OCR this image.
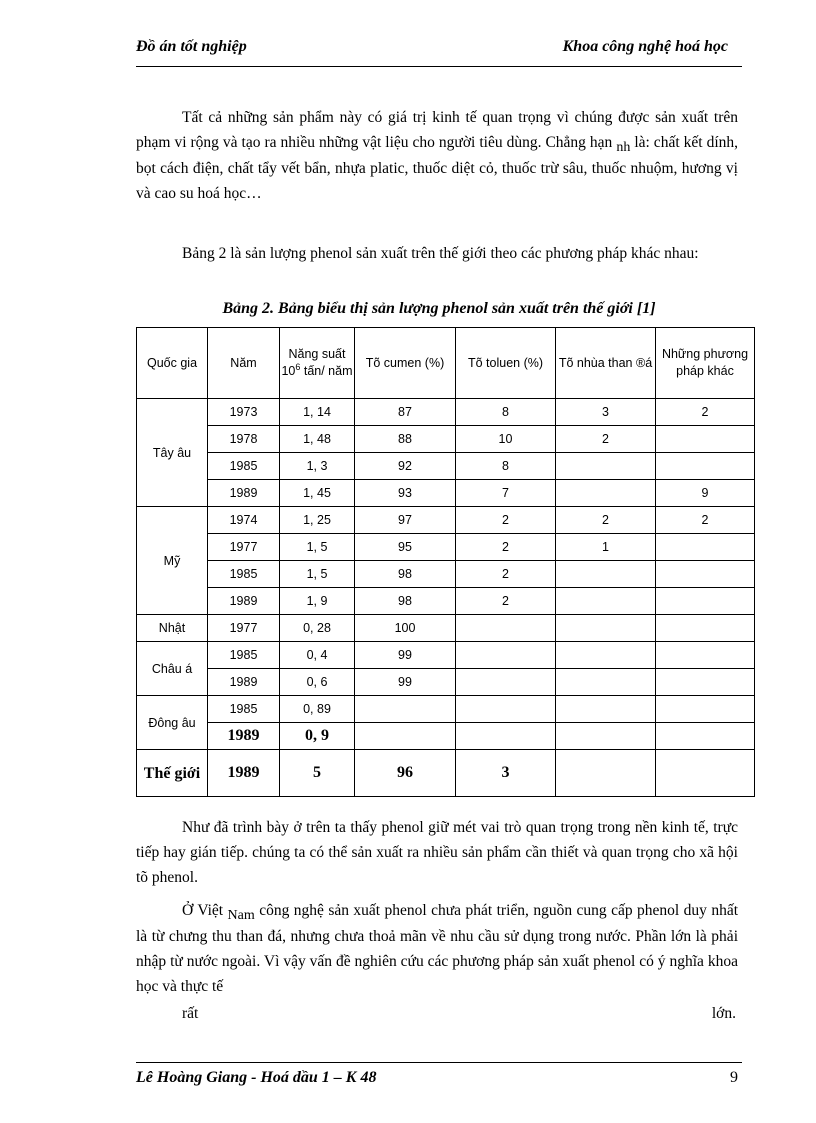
Đồ án tốt nghiệp	Khoa công nghệ hoá học

Tất cả những sản phẩm này có giá trị kinh tế quan trọng vì chúng được sản xuất trên phạm vi rộng và tạo ra nhiều những vật liệu cho người tiêu dùng. Chẳng hạn nh là: chất kết dính, bọt cách điện, chất tẩy vết bẩn, nhựa platic, thuốc diệt cỏ, thuốc trừ sâu, thuốc nhuộm, hương vị và cao su hoá học…

Bảng 2 là sản lượng phenol sản xuất trên thế giới theo các phương pháp khác nhau:

Bảng 2. Bảng biểu thị sản lượng phenol sản xuất trên thế giới [1]
Quốc gia	Năm	Năng suất $10^6$ tấn/ năm	Tõ cumen (%)	Tõ toluen (%)	Tõ nhùa than ®á	Những phương pháp khác
Tây âu	1973	1, 14	87	8	3	2
	1978	1, 48	88	10	2	
	1985	1, 3	92	8		
	1989	1, 45	93	7		9
Mỹ	1974	1, 25	97	2	2	2
	1977	1, 5	95	2	1	
	1985	1, 5	98	2		
	1989	1, 9	98	2		
Nhật	1977	0, 28	100			
Châu á	1985	0, 4	99			
	1989	0, 6	99			
Đông âu	1985	0, 89				
	1989	0, 9				
Thế giới	1989	5	96	3		

Như đã trình bày ở trên ta thấy phenol giữ mét vai trò quan trọng trong nền kinh tế, trực tiếp hay gián tiếp. chúng ta có thể sản xuất ra nhiều sản phẩm cần thiết và quan trọng cho xã hội tõ phenol.

Ở Việt Nam công nghệ sản xuất phenol chưa phát triển, nguồn cung cấp phenol duy nhất là từ chưng thu than đá, nhưng chưa thoả mãn về nhu cầu sử dụng trong nước. Phần lớn là phải nhập từ nước ngoài. Vì vậy vấn đề nghiên cứu các phương pháp sản xuất phenol có ý nghĩa khoa học và thực tế

rất	lớn.
Lê Hoàng Giang - Hoá dầu 1 – K 48	9
